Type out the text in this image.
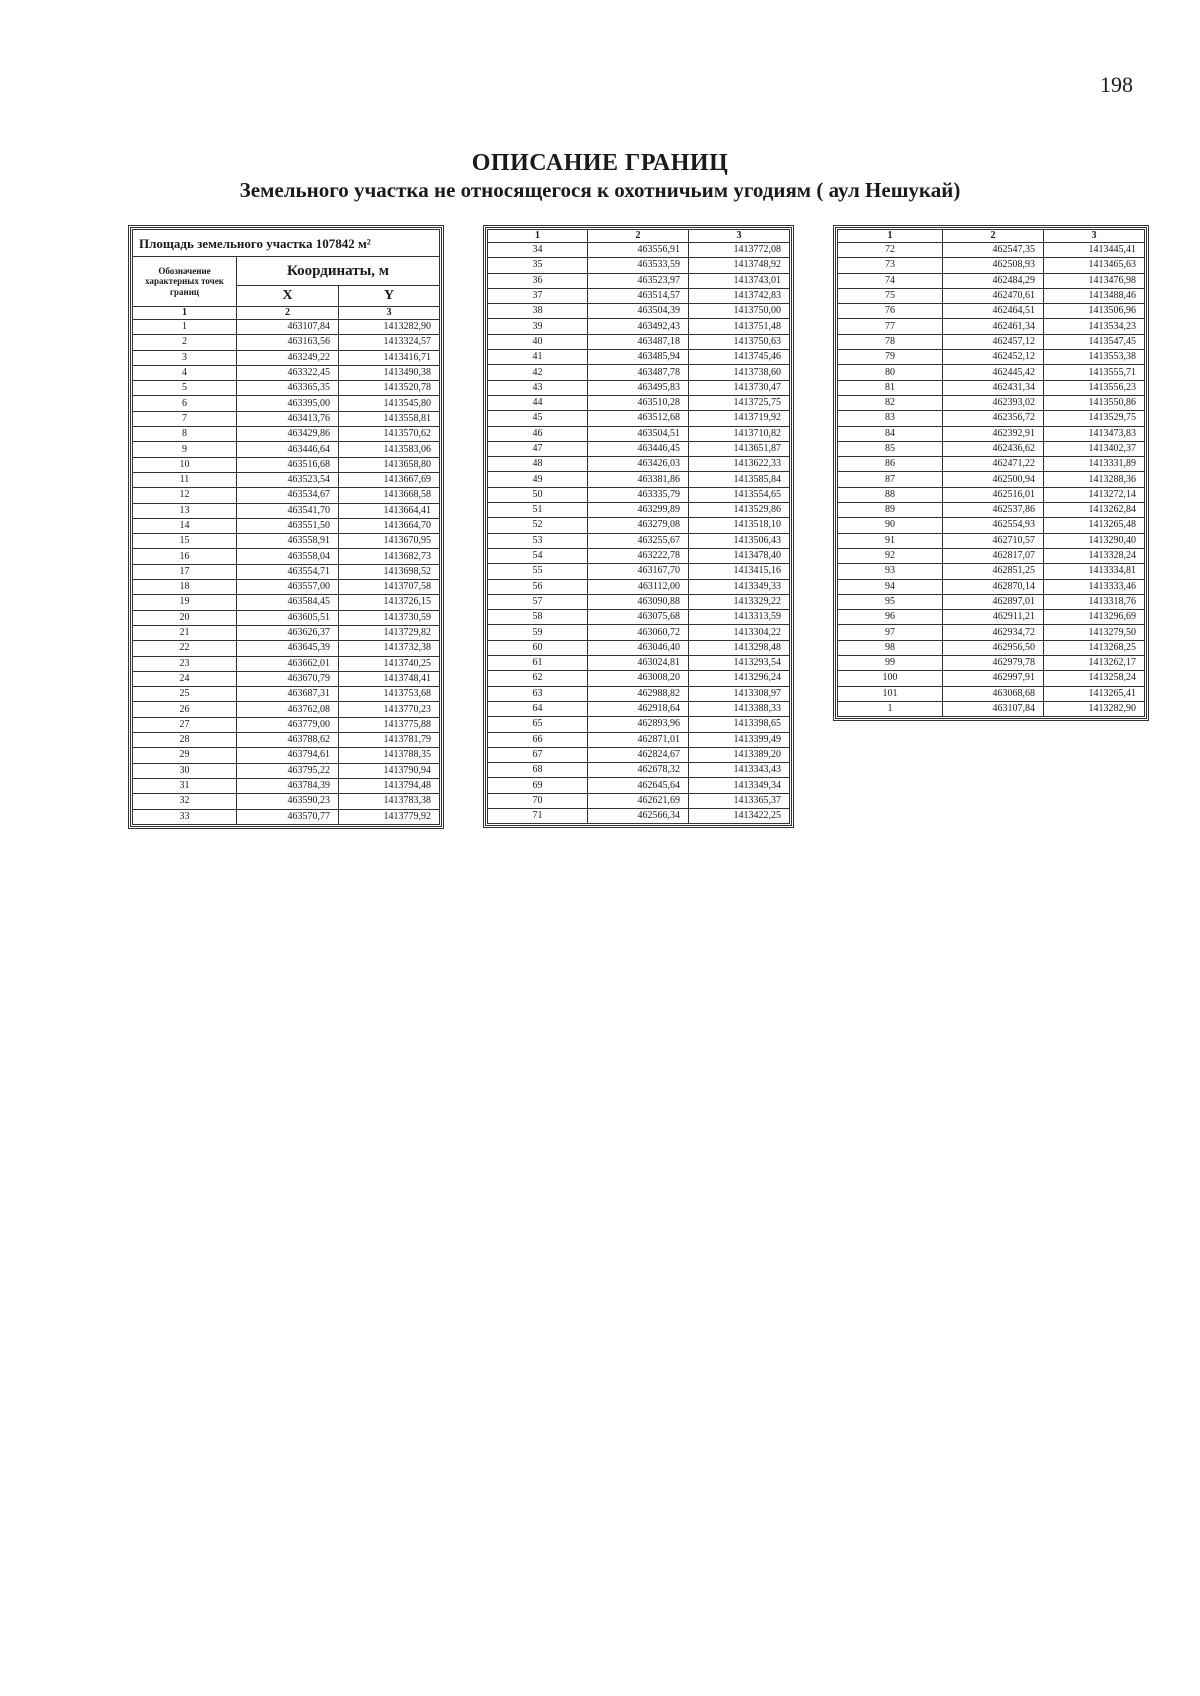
198
ОПИСАНИЕ ГРАНИЦ
Земельного участка не относящегося к охотничьим угодиям ( аул Нешукай)
Площадь земельного участка 107842 м²		
Обозначение характерных точек границ	Координаты, м	
	X	Y
1	2	3
1	463107,84	1413282,90
2	463163,56	1413324,57
3	463249,22	1413416,71
4	463322,45	1413490,38
5	463365,35	1413520,78
6	463395,00	1413545,80
7	463413,76	1413558,81
8	463429,86	1413570,62
9	463446,64	1413583,06
10	463516,68	1413658,80
11	463523,54	1413667,69
12	463534,67	1413668,58
13	463541,70	1413664,41
14	463551,50	1413664,70
15	463558,91	1413670,95
16	463558,04	1413682,73
17	463554,71	1413698,52
18	463557,00	1413707,58
19	463584,45	1413726,15
20	463605,51	1413730,59
21	463626,37	1413729,82
22	463645,39	1413732,38
23	463662,01	1413740,25
24	463670,79	1413748,41
25	463687,31	1413753,68
26	463762,08	1413770,23
27	463779,00	1413775,88
28	463788,62	1413781,79
29	463794,61	1413788,35
30	463795,22	1413790,94
31	463784,39	1413794,48
32	463590,23	1413783,38
33	463570,77	1413779,92
1	2	3
34	463556,91	1413772,08
35	463533,59	1413748,92
36	463523,97	1413743,01
37	463514,57	1413742,83
38	463504,39	1413750,00
39	463492,43	1413751,48
40	463487,18	1413750,63
41	463485,94	1413745,46
42	463487,78	1413738,60
43	463495,83	1413730,47
44	463510,28	1413725,75
45	463512,68	1413719,92
46	463504,51	1413710,82
47	463446,45	1413651,87
48	463426,03	1413622,33
49	463381,86	1413585,84
50	463335,79	1413554,65
51	463299,89	1413529,86
52	463279,08	1413518,10
53	463255,67	1413506,43
54	463222,78	1413478,40
55	463167,70	1413415,16
56	463112,00	1413349,33
57	463090,88	1413329,22
58	463075,68	1413313,59
59	463060,72	1413304,22
60	463046,40	1413298,48
61	463024,81	1413293,54
62	463008,20	1413296,24
63	462988,82	1413308,97
64	462918,64	1413388,33
65	462893,96	1413398,65
66	462871,01	1413399,49
67	462824,67	1413389,20
68	462678,32	1413343,43
69	462645,64	1413349,34
70	462621,69	1413365,37
71	462566,34	1413422,25
1	2	3
72	462547,35	1413445,41
73	462508,93	1413465,63
74	462484,29	1413476,98
75	462470,61	1413488,46
76	462464,51	1413506,96
77	462461,34	1413534,23
78	462457,12	1413547,45
79	462452,12	1413553,38
80	462445,42	1413555,71
81	462431,34	1413556,23
82	462393,02	1413550,86
83	462356,72	1413529,75
84	462392,91	1413473,83
85	462436,62	1413402,37
86	462471,22	1413331,89
87	462500,94	1413288,36
88	462516,01	1413272,14
89	462537,86	1413262,84
90	462554,93	1413265,48
91	462710,57	1413290,40
92	462817,07	1413328,24
93	462851,25	1413334,81
94	462870,14	1413333,46
95	462897,01	1413318,76
96	462911,21	1413296,69
97	462934,72	1413279,50
98	462956,50	1413268,25
99	462979,78	1413262,17
100	462997,91	1413258,24
101	463068,68	1413265,41
1	463107,84	1413282,90
